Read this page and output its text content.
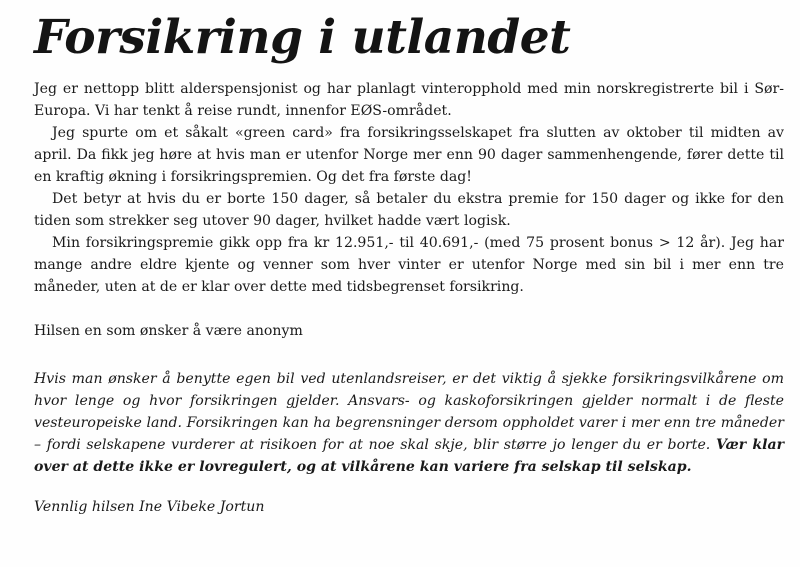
Forsikring i utlandet

Jeg er nettopp blitt alderspensjonist og har planlagt vinteropphold med min norskregistrerte bil i Sør-Europa. Vi har tenkt å reise rundt, innenfor EØS-området.

Jeg spurte om et såkalt «green card» fra forsikringsselskapet fra slutten av oktober til midten av april. Da fikk jeg høre at hvis man er utenfor Norge mer enn 90 dager sammenhengende, fører dette til en kraftig økning i forsikringspremien. Og det fra første dag!

Det betyr at hvis du er borte 150 dager, så betaler du ekstra premie for 150 dager og ikke for den tiden som strekker seg utover 90 dager, hvilket hadde vært logisk.

Min forsikringspremie gikk opp fra kr 12.951,- til 40.691,- (med 75 prosent bonus > 12 år). Jeg har mange andre eldre kjente og venner som hver vinter er utenfor Norge med sin bil i mer enn tre måneder, uten at de er klar over dette med tidsbegrenset forsikring.

Hilsen en som ønsker å være anonym

Hvis man ønsker å benytte egen bil ved utenlandsreiser, er det viktig å sjekke forsikringsvilkårene om hvor lenge og hvor forsikringen gjelder. Ansvars- og kaskoforsikringen gjelder normalt i de fleste vesteuropeiske land. Forsikringen kan ha begrensninger dersom oppholdet varer i mer enn tre måneder – fordi selskapene vurderer at risikoen for at noe skal skje, blir større jo lenger du er borte. Vær klar over at dette ikke er lovregulert, og at vilkårene kan variere fra selskap til selskap.

Vennlig hilsen Ine Vibeke Jortun
